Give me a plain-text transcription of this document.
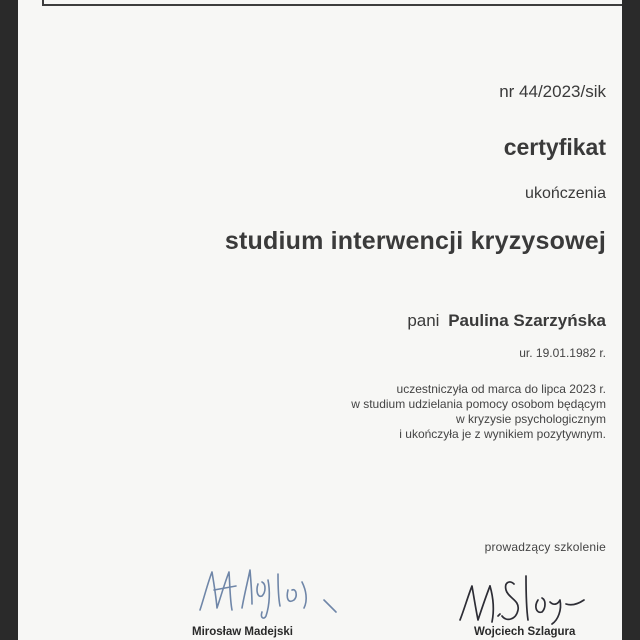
nr 44/2023/sik
certyfikat
ukończenia
studium interwencji kryzysowej
pani Paulina Szarzyńska
ur. 19.01.1982 r.
uczestniczyła od marca do lipca 2023 r.
w studium udzielania pomocy osobom będącym
w kryzysie psychologicznym
i ukończyła je z wynikiem pozytywnym.
prowadzący szkolenie
Mirosław Madejski	Wojciech Szlagura
